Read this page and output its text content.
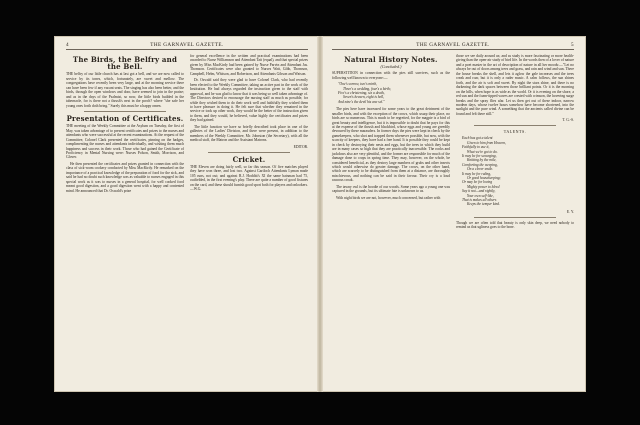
4	THE GARNAVEL GAZETTE.
The Birds, the Belfry and the Bell.

THE belfry of our little church has at last got a bell, and we are now called to service by its tones, which, fortunately, are sweet and mellow. The congregations have recently been very large, and at the morning service there can have been few if any vacant seats. The singing has also been better, and the birds, through the open windows and door, have seemed to join in the praise; and as in the days of the Psalmist, so now, the little birds builded in the tabernacle, for is there not a thrush's nest in the porch? where "she safe her young ones forth doth bring." Surely this must be a happy omen.

Presentation of Certificates.

THE meeting of the Weekly Committee at the Asylum on Tuesday, the first of May, was taken advantage of to present certificates and prizes to the nurses and attendants who were successful at the recent examinations. At the request of the Committee, Colonel Clark presented the certificates, pinning on the badges, complimenting the nurses and attendants individually, and wishing them much happiness and success in their work. Those who had gained the Certificate of Proficiency in Mental Nursing were: Nurses Polson, Smith, Morrison, and Glover.

He then presented the certificates and prizes granted in connection with the class of sick-room cookery conducted by Miss MacKirdy. He remarked on the importance of a practical knowledge of the preparation of food for the sick, and said he had no doubt such knowledge was as valuable to nurses engaged in this special work as it was to nurses in a general hospital, for well cooked food meant good digestion, and a good digestion went with a happy and contented mind. He announced that Dr. Oswald's prize

for general excellence in the written and practical examinations had been awarded to Nurse Williamson and Attendant Tait (equal), and that special prizes given by Miss MacKirdy had been gained by Nurse Parvin and Attendant Jas. Thomson. Certificates were also granted to Nurses Watt, Gibb, Thomson, Campbell, Helm, Whitson, and Robertson, and Attendants Gibson and Watson.

Dr. Oswald said they were glad to have Colonel Clark, who had recently been elected to the Weekly Committee, taking an active part in the work of the Institution. He had always regarded the instruction given to the staff with approval, and he was glad to know that it was being so well taken advantage of. The Directors desired to encourage the nursing staff as much as possible, for while they wished them to do their work well and faithfully they wished them to have pleasure in doing it. He felt sure that whether they remained in the service or took up other work, they would be the better of the instruction given to them, and they would, he believed, value highly the certificates and prizes they had gained.

The little function we have so briefly described took place in one of the galleries of the Ladies' Division, and there were present, in addition to the members of the Weekly Committee, Mr. Johnston (the Secretary), with all the medical staff, the Matron and the Assistant Matrons.

EDITOR.
Cricket.

THE Eleven are doing fairly well, so far this season. Of five matches played they have won three, and lost two. Against Gartloch Attendants Lyman made 105 runs, not out; and against R.J. Hodditt's XI the same batsman had 75, outfielded, in the first evening's play. There are quite a number of good fixtures on the card, and these should furnish good sport both for players and onlookers.—W.G.

THE GARNAVEL GAZETTE.	5
Natural History Notes.
(Concluded.)

SUPERSTITION in connection with the pies still survives, such as the following well known to everyone:—

"One's sorrow, two's mirth,
Three's a wedding, four's a birth;
Five's a christening, six a death,
Seven's heaven, eight is hell,
And nine's the devil his ane sel."

The pies here have increased for some years to the great detriment of the smaller birds, and with the exception of the crows, which usurp their place, no birds are so numerous. This is much to be regretted, for the magpie is a bird of great beauty and intelligence, but it is impossible to doubt that he pays for this at the expense of the thrush and blackbird, whose eggs and young are greedily devoured by these marauders. In former days the pies were kept in check by the gamekeepers, who shot and trapped them whenever possible, but now, with the scarcity of keepers, they have had a free hand. It is possible they could be kept in check by destroying their nests and eggs, but the trees in which they build are in many cases so high that they are practically inaccessible. The rooks and jackdaws also are very plentiful, and the former are responsible for much of the damage done to crops in spring time. They may, however, on the whole, be considered beneficial, as they destroy large numbers of grubs and other insects which would otherwise do greater damage. The crows, on the other hand, which are scarcely to be distinguished from them at a distance, are thoroughly mischievous, and nothing can be said in their favour. Their cry is a loud raucous croak.

The tawny owl is the hoodie of our woods. Some years ago a young one was captured in the grounds, but its ultimate fate is unknown to us.

With night birds we are not, however, much concerned, but rather with

those we see daily around us; and as study is more fascinating or more health-giving than the open-air study of bird life. In the words then of a lover of nature and a poet master in the art of description of nature in all her moods:—"Let no always be out of doors among trees and grass, and rain and wind and sun. There the house breaks the shell, and lets it aglow the gale increases and the trees creak and roar, but it is only a ruder music. A calm follows, the sun shines forth, and the air is soft and sweet. By night the stars shine, and there is no darkening the dark spaces between those brilliant points. Or it is the morning on the hills, when hope is as wide as the world. Or it is evening on the shore, a red sun and the foam-tipped waves are crested with crimson, the hovering surge breaks and the spray flies afar. Let us then get out of these indoor, narrow modern days, whose twelve hours somehow have become shortened, into the sunlight and the pure wind. A something that the ancients called divine can be found and felt there still."

T. G.-S.
TALENTS.
Each has got a talent
Given to him from Heaven,
Faithfully to use it,
What we're got to do.
It may be for scourging,
Knitting by the mile,
Comforting the weeping,
On a clever smile.
It may be for ruling,
Or good housekeeping;
Or may be for loving
Mighty power to bless!
Say it not—and rightly,
Your own self-like,
That is makes all others
Keeps the temper kind.
E. Y.
Though we are often told that beauty is only skin deep, we need nobody to remind us that ugliness goes to the bone.
